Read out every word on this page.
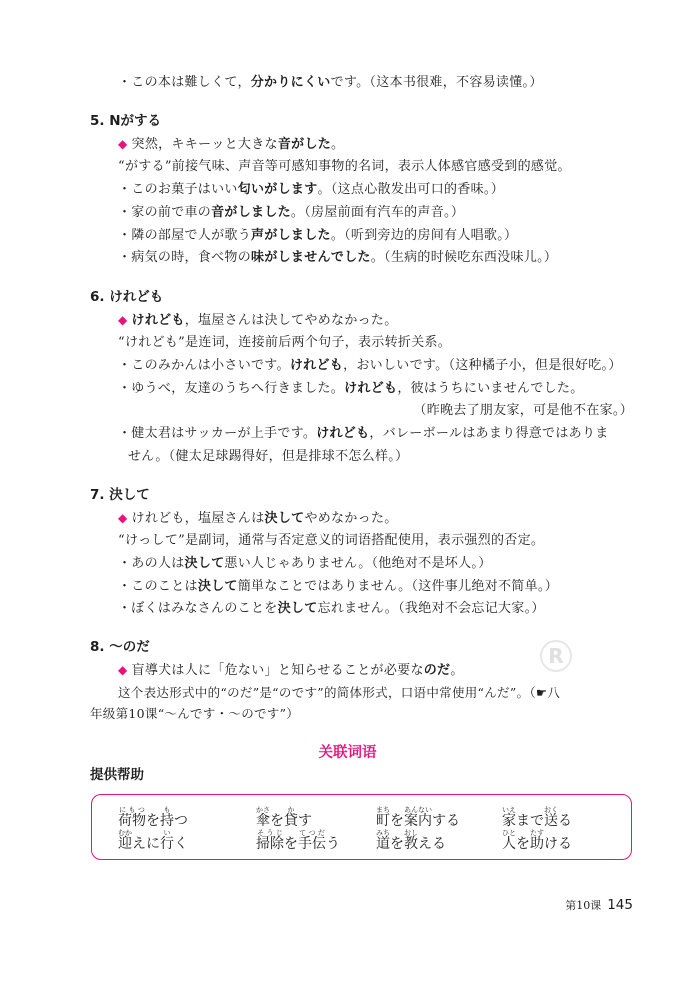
・この本は難しくて，分かりにくいです。（这本书很难，不容易读懂。）
5. Nがする
◆ 突然，キキーッと大きな音がした。
“がする”前接气味、声音等可感知事物的名词，表示人体感官感受到的感觉。
・このお菓子はいい匂いがします。（这点心散发出可口的香味。）
・家の前で車の音がしました。（房屋前面有汽车的声音。）
・隣の部屋で人が歌う声がしました。（听到旁边的房间有人唱歌。）
・病気の時，食べ物の味がしませんでした。（生病的时候吃东西没味儿。）
6. けれども
◆ けれども，塩屋さんは決してやめなかった。
“けれども”是连词，连接前后两个句子，表示转折关系。
・このみかんは小さいです。けれども，おいしいです。（这种橘子小，但是很好吃。）
・ゆうべ，友達のうちへ行きました。けれども，彼はうちにいませんでした。
（昨晚去了朋友家，可是他不在家。）
・健太君はサッカーが上手です。けれども，バレーボールはあまり得意ではありま
せん。（健太足球踢得好，但是排球不怎么样。）
7. 決して
◆ けれども，塩屋さんは決してやめなかった。
“けっして”是副词，通常与否定意义的词语搭配使用，表示强烈的否定。
・あの人は決して悪い人じゃありません。（他绝对不是坏人。）
・このことは決して簡単なことではありません。（这件事儿绝对不简单。）
・ぼくはみなさんのことを決して忘れません。（我绝对不会忘记大家。）
8. ～のだ
◆ 盲導犬は人に「危ない」と知らせることが必要なのだ。
这个表达形式中的“のだ”是“のです”的简体形式，口语中常使用“んだ”。（☛八
年级第10课“～んです・～のです”）
R
关联词语
提供帮助
荷物にもつを持もつ	傘かさを貸かす	町まちを案内あんないする	家いえまで送おくる
迎むかえに行いく	掃除そうじを手伝てつだう	道みちを教おしえる	人ひとを助たすける
第10课 145
